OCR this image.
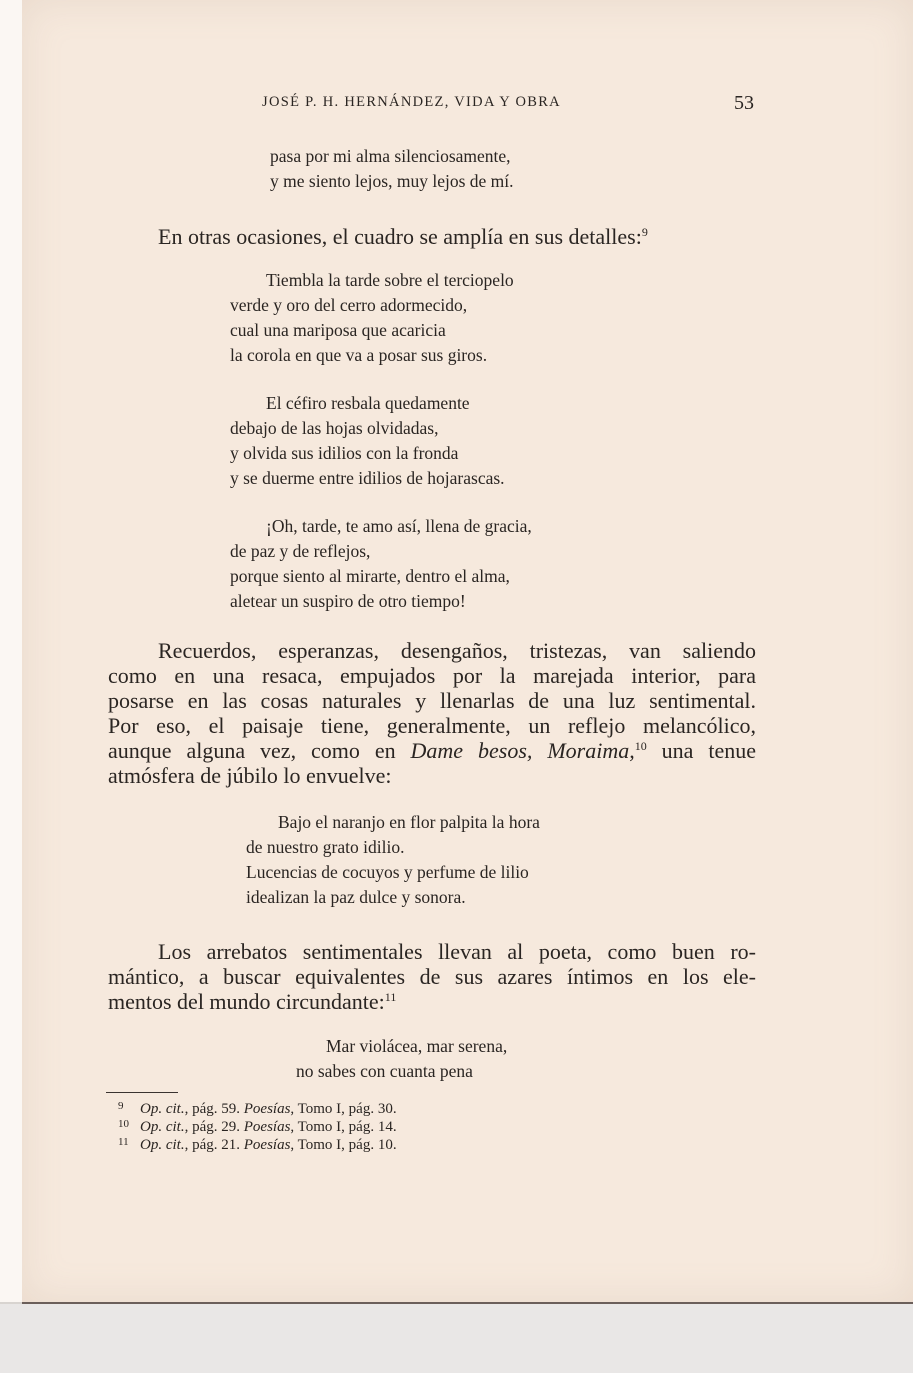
JOSÉ P. H. HERNÁNDEZ, VIDA Y OBRA	53
pasa por mi alma silenciosamente,
y me siento lejos, muy lejos de mí.
En otras ocasiones, el cuadro se amplía en sus detalles:$^9$
Tiembla la tarde sobre el terciopelo
verde y oro del cerro adormecido,
cual una mariposa que acaricia
la corola en que va a posar sus giros.
El céfiro resbala quedamente
debajo de las hojas olvidadas,
y olvida sus idilios con la fronda
y se duerme entre idilios de hojarascas.
¡Oh, tarde, te amo así, llena de gracia,
de paz y de reflejos,
porque siento al mirarte, dentro el alma,
aletear un suspiro de otro tiempo!
Recuerdos, esperanzas, desengaños, tristezas, van saliendo
como en una resaca, empujados por la marejada interior, para
posarse en las cosas naturales y llenarlas de una luz sentimental.
Por eso, el paisaje tiene, generalmente, un reflejo melancólico,
aunque alguna vez, como en Dame besos, Moraima,$^{10}$ una tenue
atmósfera de júbilo lo envuelve:
Bajo el naranjo en flor palpita la hora
de nuestro grato idilio.
Lucencias de cocuyos y perfume de lilio
idealizan la paz dulce y sonora.
Los arrebatos sentimentales llevan al poeta, como buen ro-
mántico, a buscar equivalentes de sus azares íntimos en los ele-
mentos del mundo circundante:$^{11}$
Mar violácea, mar serena,
no sabes con cuanta pena
9	Op. cit., pág. 59. Poesías, Tomo I, pág. 30.
10 Op. cit., pág. 29. Poesías, Tomo I, pág. 14.
11 Op. cit., pág. 21. Poesías, Tomo I, pág. 10.
